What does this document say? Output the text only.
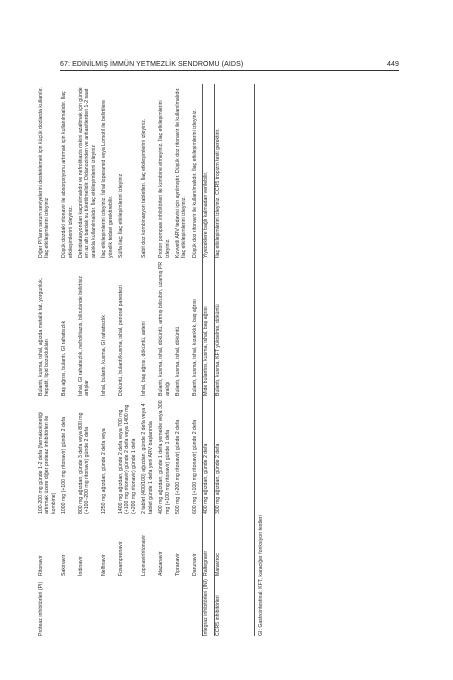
67: EDİNİLMİŞ İMMÜN YETMEZLİK SENDROMU (AIDS)	449
Proteaz inhibitörleri (PI)	Ritonavir	100-200 mg günde 1-2 defa (farmakokinetiği artırmak üzere diğer proteaz inhibitörleri ile kombine)	Bulantı, kusma, ishal, ağızda metalik tat, yorgunluk, hepatit, lipid bozuklukları	Diğer PI'ların serum seviyelerini desteklemek için küçük dozlarda kullanılır. İlaç etkileşimlerini izleyiniz

	Sakinavir	1000 mg (+100 mg ritonavir) günde 2 defa	Baş ağrısı, bulantı, GI rahatsızlık	Düşük dozdaki ritonavir ile absorpsiyonu artırmak için kullanılmalıdır. İlaç etkileşimlerini izleyiniz.

	İndinavir	800 mg ağızdan, günde 3 defa veya 800 mg (+100–200 mg ritonavir) günde 2 defa	İshal, GI rahatsızlık, nefrolitiazis, bilirubinde belirtisiz artışlar	Dehidratasyondan kaçınılmalıdır ve nefrolitiazis riskini azaltmak için günde en az altı bardak su tüketilmelidir. Didanozinden ve antiasitlerden 1-2 saat aralıkla kullanılmalıdır. İlaç etkileşimlerini izleyiniz

	Nelfinavir	1250 mg ağızdan, günde 2 defa veya	İshal, bulantı, kusma, GI rahatsızlık	İlaç etkileşimlerini izleyiniz. İshal loperamid veya Lomotil ile belirtilere yönelik tedavi gerektirebilir.

	Fosamprenavir	1400 mg ağızdan, günde 2 defa veya 700 mg (+100 mg ritonavir) günde 2 defa veya 1400 mg (+200 mg ritonavir) günde 1 defa	Döküntü, bulantı/kusma, ishal, perioral parestezi	Sülfa ilaç; İlaç etkileşimlerini izleyiniz

	Lopinavir/ritonavir	2 tablet (400/100) ağızdan, günde 2 defa veya 4 tablet günde 1 defa yeni ARV başlarında	İshal, baş ağrısı, döküntü, asteni	Sabit doz kombinasyon tabletleri. İlaç etkileşimlerini izleyiniz.

	Atazanavir	400 mg ağızdan, günde 1 defa yemekle veya 300 mg (+100 mg ritonavir) günde 1 defa	Bulantı, kusma, ishal, döküntü, artmış bilirubin, uzamış PR aralığı	Proton pompası inhibitörleri ile kombine etmeyiniz. İlaç etkileşimlerini izleyiniz.

	Tipranavir	500 mg (+200 mg ritonavir) günde 2 defa	Bulantı, kusma, ishal, döküntü	Kuvvetli ARV tedavisi için ayrılmıştır. Düşük doz ritonavir ile kullanılmalıdır. İlaç etkileşimlerini izleyiniz.

	Darunavir	600 mg (+100 mg ritonavir) günde 2 defa	Bulantı, kusma, ishal, kızarıklık, baş ağrısı	Düşük doz ritonavir ile kullanılmalıdır. İlaç etkileşimlerini izleyiniz.

İntegraz inhibitörleri (INI)	Raltegravir	400 mg ağızdan, günde 2 defa	Mide bulantısı, kusma, ishal, baş ağrısı	Yiyeceklere bağlı kalmadan verilebilir.

CCR5 inhibitörleri	Maraviroc	300 mg ağızdan, günde 2 defa	Bulantı, kusma, KFT yükselme, döküntü	İlaç etkileşimlerini izleyiniz. CCR5 tropizm testi gerektirir.

GI: Gastrointestinal; KFT, karaciğer fonksiyon testleri
